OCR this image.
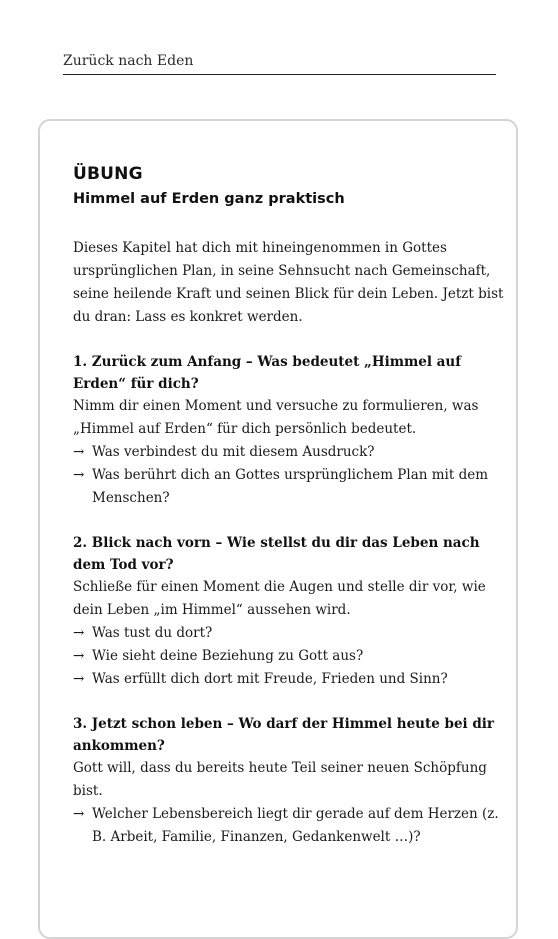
Zurück nach Eden
ÜBUNG
Himmel auf Erden ganz praktisch

Dieses Kapitel hat dich mit hineingenommen in Gottes ursprünglichen Plan, in seine Sehnsucht nach Gemeinschaft, seine heilende Kraft und seinen Blick für dein Leben. Jetzt bist du dran: Lass es konkret werden.

1. Zurück zum Anfang – Was bedeutet „Himmel auf Erden“ für dich?
Nimm dir einen Moment und versuche zu formulieren, was „Himmel auf Erden“ für dich persönlich bedeutet.
→ Was verbindest du mit diesem Ausdruck?
→ Was berührt dich an Gottes ursprünglichem Plan mit dem Menschen?
2. Blick nach vorn – Wie stellst du dir das Leben nach dem Tod vor?
Schließe für einen Moment die Augen und stelle dir vor, wie dein Leben „im Himmel“ aussehen wird.
→ Was tust du dort?
→ Wie sieht deine Beziehung zu Gott aus?
→ Was erfüllt dich dort mit Freude, Frieden und Sinn?
3. Jetzt schon leben – Wo darf der Himmel heute bei dir ankommen?
Gott will, dass du bereits heute Teil seiner neuen Schöpfung bist.
→ Welcher Lebensbereich liegt dir gerade auf dem Herzen (z. B. Arbeit, Familie, Finanzen, Gedankenwelt …)?
